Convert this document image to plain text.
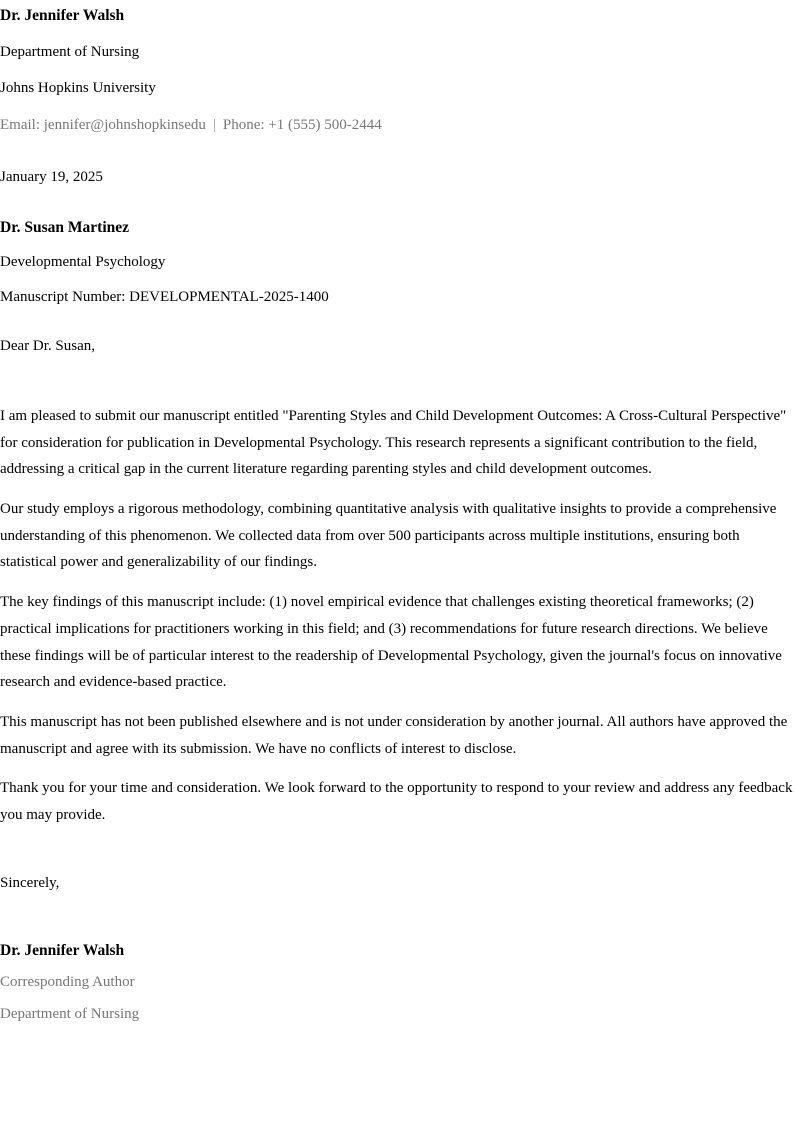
Dr. Jennifer Walsh
Department of Nursing
Johns Hopkins University
Email: jennifer@johnshopkinsedu | Phone: +1 (555) 500-2444
January 19, 2025
Dr. Susan Martinez
Developmental Psychology
Manuscript Number: DEVELOPMENTAL-2025-1400
Dear Dr. Susan,

I am pleased to submit our manuscript entitled "Parenting Styles and Child Development Outcomes: A Cross-Cultural Perspective" for consideration for publication in Developmental Psychology. This research represents a significant contribution to the field, addressing a critical gap in the current literature regarding parenting styles and child development outcomes.

Our study employs a rigorous methodology, combining quantitative analysis with qualitative insights to provide a comprehensive understanding of this phenomenon. We collected data from over 500 participants across multiple institutions, ensuring both statistical power and generalizability of our findings.

The key findings of this manuscript include: (1) novel empirical evidence that challenges existing theoretical frameworks; (2) practical implications for practitioners working in this field; and (3) recommendations for future research directions. We believe these findings will be of particular interest to the readership of Developmental Psychology, given the journal's focus on innovative research and evidence-based practice.

This manuscript has not been published elsewhere and is not under consideration by another journal. All authors have approved the manuscript and agree with its submission. We have no conflicts of interest to disclose.

Thank you for your time and consideration. We look forward to the opportunity to respond to your review and address any feedback you may provide.

Sincerely,
Dr. Jennifer Walsh
Corresponding Author
Department of Nursing
